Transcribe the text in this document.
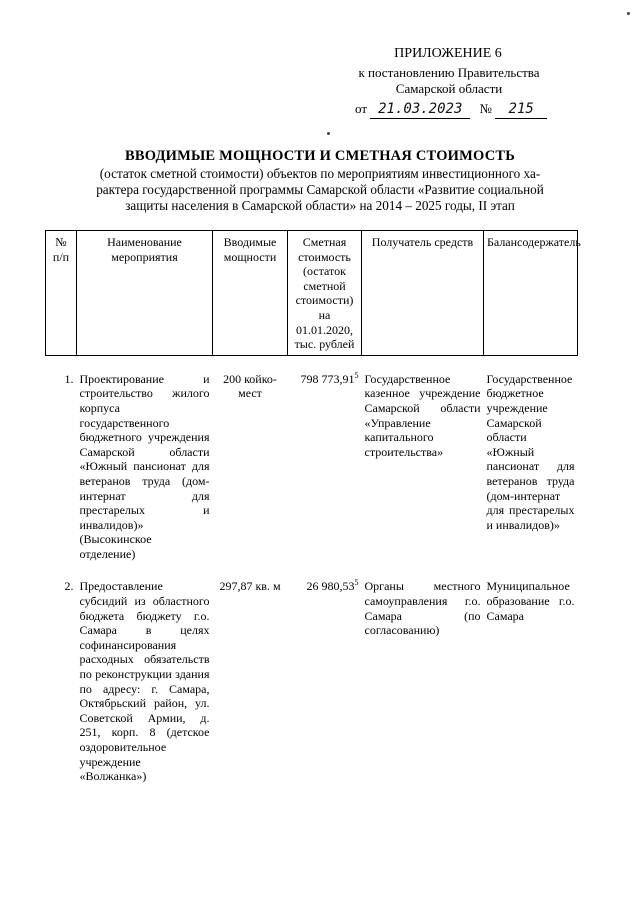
ПРИЛОЖЕНИЕ 6
к постановлению Правительства
Самарской области
от 21.03.2023 № 215
ВВОДИМЫЕ МОЩНОСТИ И СМЕТНАЯ СТОИМОСТЬ
(остаток сметной стоимости) объектов по мероприятиям инвестиционного ха-
рактера государственной программы Самарской области «Развитие социальной
защиты населения в Самарской области» на 2014 – 2025 годы, II этап
№ п/п	Наименование мероприятия	Вводимые мощности	Сметная стоимость (остаток сметной стоимости) на 01.01.2020, тыс. рублей	Получатель средств	Балансодержатель

1.	Проектирование и строительство жилого корпуса государственного бюджетного учреждения Самарской области «Южный пансионат для ветеранов труда (дом-интернат для престарелых и инвалидов)» (Высокинское отделение)	200 койко-мест	798 773,91$^5$	Государственное казенное учреждение Самарской области «Управление капитального строительства»	Государственное бюджетное учреждение Самарской области «Южный пансионат для ветеранов труда (дом-интернат для престарелых и инвалидов)»

2.	Предоставление субсидий из областного бюджета бюджету г.о. Самара в целях софинансирования расходных обязательств по реконструкции здания по адресу: г. Самара, Октябрьский район, ул. Советской Армии, д. 251, корп. 8 (детское оздоровительное учреждение «Волжанка»)	297,87 кв. м	26 980,53$^5$	Органы местного самоуправления г.о. Самара (по согласованию)	Муниципальное образование г.о. Самара
